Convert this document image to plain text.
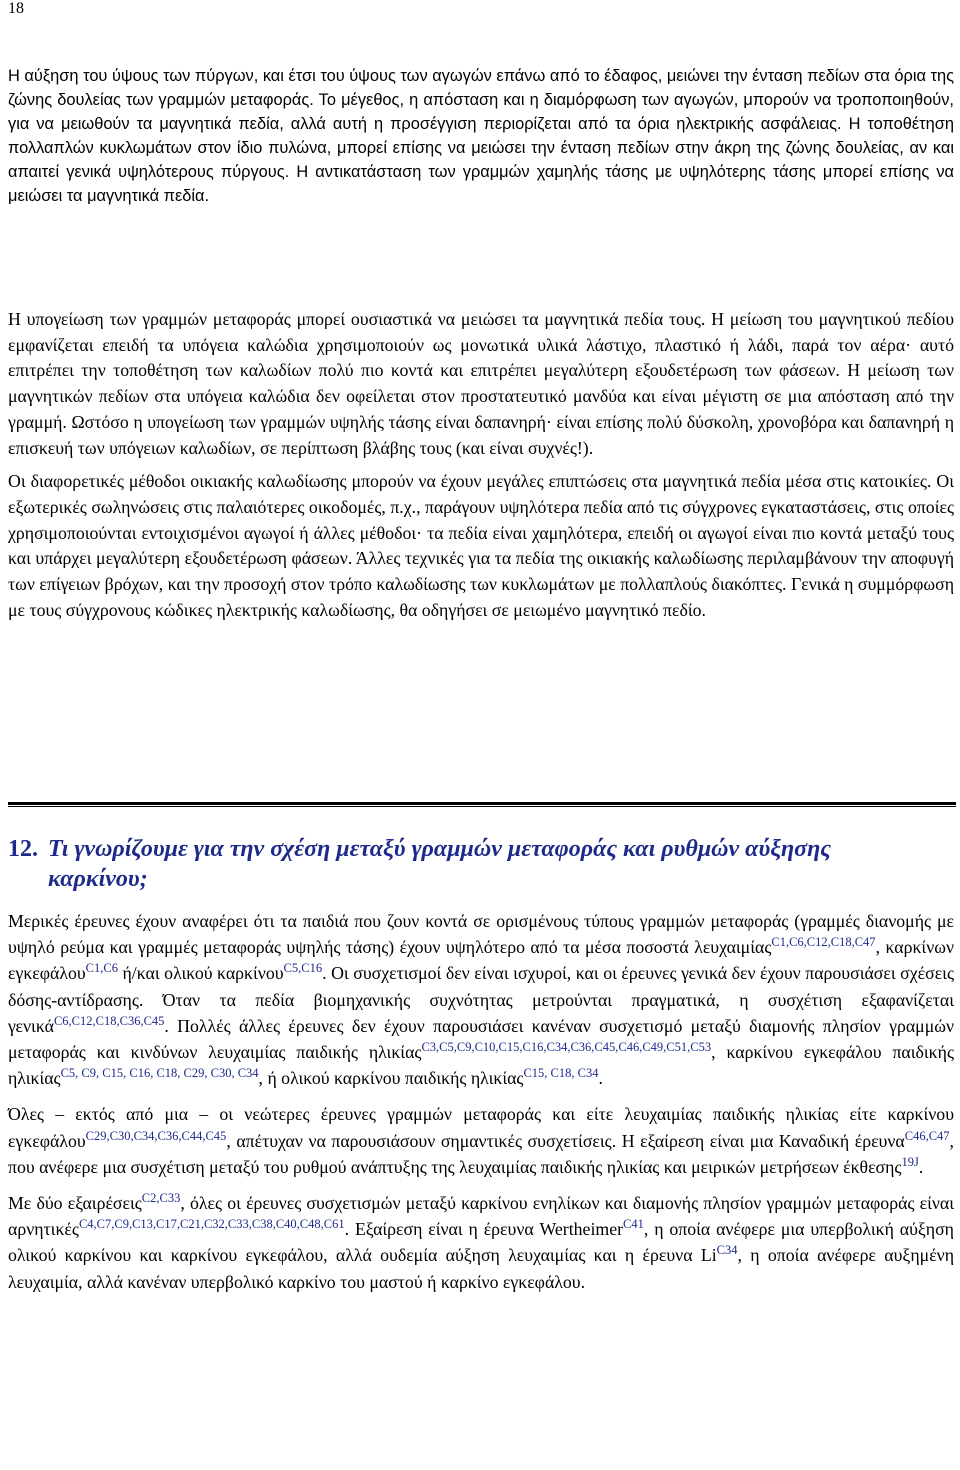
18

Η αύξηση του ύψους των πύργων, και έτσι του ύψους των αγωγών επάνω από το έδαφος, μειώνει την ένταση πεδίων στα όρια της ζώνης δουλείας των γραμμών μεταφοράς. Το μέγεθος, η απόσταση και η διαμόρφωση των αγωγών, μπορούν να τροποποιηθούν, για να μειωθούν τα μαγνητικά πεδία, αλλά αυτή η προσέγγιση περιορίζεται από τα όρια ηλεκτρικής ασφάλειας. Η τοποθέτηση πολλαπλών κυκλωμάτων στον ίδιο πυλώνα, μπορεί επίσης να μειώσει την ένταση πεδίων στην άκρη της ζώνης δουλείας, αν και απαιτεί γενικά υψηλότερους πύργους. Η αντικατάσταση των γραμμών χαμηλής τάσης με υψηλότερης τάσης μπορεί επίσης να μειώσει τα μαγνητικά πεδία.

Η υπογείωση των γραμμών μεταφοράς μπορεί ουσιαστικά να μειώσει τα μαγνητικά πεδία τους. Η μείωση του μαγνητικού πεδίου εμφανίζεται επειδή τα υπόγεια καλώδια χρησιμοποιούν ως μονωτικά υλικά λάστιχο, πλαστικό ή λάδι, παρά τον αέρα· αυτό επιτρέπει την τοποθέτηση των καλωδίων πολύ πιο κοντά και επιτρέπει μεγαλύτερη εξουδετέρωση των φάσεων. Η μείωση των μαγνητικών πεδίων στα υπόγεια καλώδια δεν οφείλεται στον προστατευτικό μανδύα και είναι μέγιστη σε μια απόσταση από την γραμμή. Ωστόσο η υπογείωση των γραμμών υψηλής τάσης είναι δαπανηρή· είναι επίσης πολύ δύσκολη, χρονοβόρα και δαπανηρή η επισκευή των υπόγειων καλωδίων, σε περίπτωση βλάβης τους (και είναι συχνές!).

Οι διαφορετικές μέθοδοι οικιακής καλωδίωσης μπορούν να έχουν μεγάλες επιπτώσεις στα μαγνητικά πεδία μέσα στις κατοικίες. Οι εξωτερικές σωληνώσεις στις παλαιότερες οικοδομές, π.χ., παράγουν υψηλότερα πεδία από τις σύγχρονες εγκαταστάσεις, στις οποίες χρησιμοποιούνται εντοιχισμένοι αγωγοί ή άλλες μέθοδοι· τα πεδία είναι χαμηλότερα, επειδή οι αγωγοί είναι πιο κοντά μεταξύ τους και υπάρχει μεγαλύτερη εξουδετέρωση φάσεων. Άλλες τεχνικές για τα πεδία της οικιακής καλωδίωσης περιλαμβάνουν την αποφυγή των επίγειων βρόχων, και την προσοχή στον τρόπο καλωδίωσης των κυκλωμάτων με πολλαπλούς διακόπτες. Γενικά η συμμόρφωση με τους σύγχρονους κώδικες ηλεκτρικής καλωδίωσης, θα οδηγήσει σε μειωμένο μαγνητικό πεδίο.

12. Τι γνωρίζουμε για την σχέση μεταξύ γραμμών μεταφοράς και ρυθμών αύξησης
καρκίνου;

Μερικές έρευνες έχουν αναφέρει ότι τα παιδιά που ζουν κοντά σε ορισμένους τύπους γραμμών μεταφοράς (γραμμές διανομής με υψηλό ρεύμα και γραμμές μεταφοράς υψηλής τάσης) έχουν υψηλότερο από τα μέσα ποσοστά λευχαιμίας$^{C1,C6,C12,C18,C47}$, καρκίνων εγκεφάλου$^{C1,C6}$ ή/και ολικού καρκίνου$^{C5,C16}$. Οι συσχετισμοί δεν είναι ισχυροί, και οι έρευνες γενικά δεν έχουν παρουσιάσει σχέσεις δόσης-αντίδρασης. Όταν τα πεδία βιομηχανικής συχνότητας μετρούνται πραγματικά, η συσχέτιση εξαφανίζεται γενικά$^{C6,C12,C18,C36,C45}$. Πολλές άλλες έρευνες δεν έχουν παρουσιάσει κανέναν συσχετισμό μεταξύ διαμονής πλησίον γραμμών μεταφοράς και κινδύνων λευχαιμίας παιδικής ηλικίας$^{C3,C5,C9,C10,C15,C16,C34,C36,C45,C46,C49,C51,C53}$, καρκίνου εγκεφάλου παιδικής ηλικίας$^{C5, C9, C15, C16, C18, C29, C30, C34}$, ή ολικού καρκίνου παιδικής ηλικίας$^{C15, C18, C34}$.

Όλες – εκτός από μια – οι νεώτερες έρευνες γραμμών μεταφοράς και είτε λευχαιμίας παιδικής ηλικίας είτε καρκίνου εγκεφάλου$^{C29,C30,C34,C36,C44,C45}$, απέτυχαν να παρουσιάσουν σημαντικές συσχετίσεις. Η εξαίρεση είναι μια Καναδική έρευνα$^{C46,C47}$, που ανέφερε μια συσχέτιση μεταξύ του ρυθμού ανάπτυξης της λευχαιμίας παιδικής ηλικίας και μειρικών μετρήσεων έκθεσης$^{19J}$.

Με δύο εξαιρέσεις$^{C2,C33}$, όλες οι έρευνες συσχετισμών μεταξύ καρκίνου ενηλίκων και διαμονής πλησίον γραμμών μεταφοράς είναι αρνητικές$^{C4,C7,C9,C13,C17,C21,C32,C33,C38,C40,C48,C61}$. Εξαίρεση είναι η έρευνα Wertheimer$^{C41}$, η οποία ανέφερε μια υπερβολική αύξηση ολικού καρκίνου και καρκίνου εγκεφάλου, αλλά ουδεμία αύξηση λευχαιμίας και η έρευνα $Li^{C34}$, η οποία ανέφερε αυξημένη λευχαιμία, αλλά κανέναν υπερβολικό καρκίνο του μαστού ή καρκίνο εγκεφάλου.
